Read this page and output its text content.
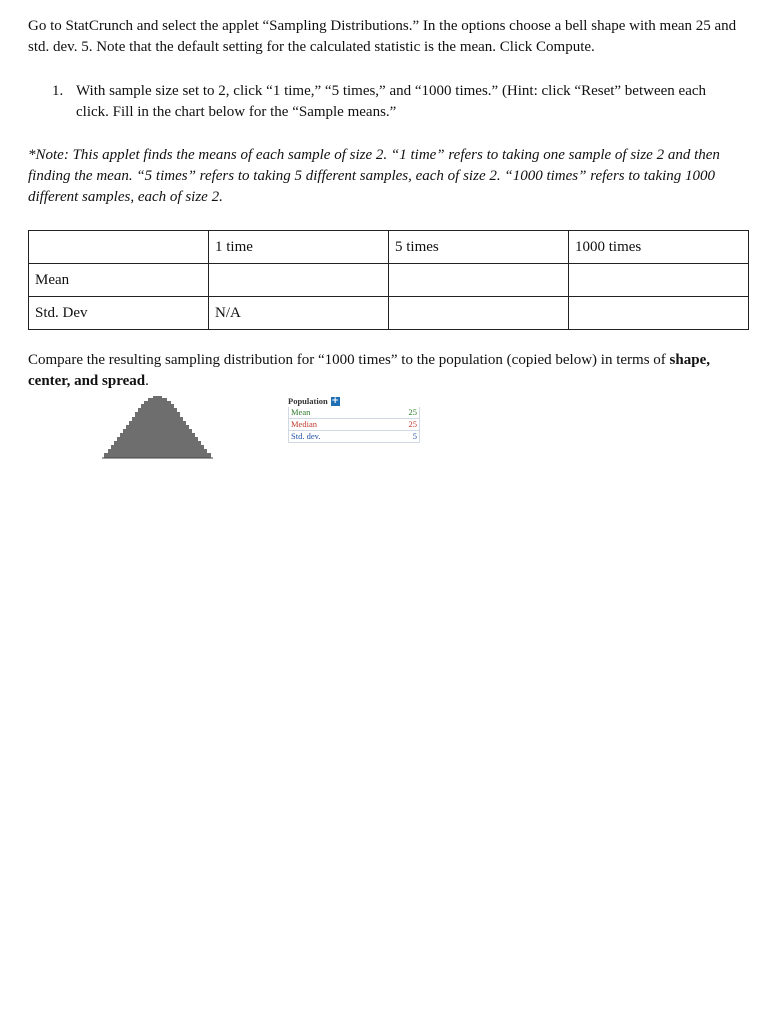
Go to StatCrunch and select the applet “Sampling Distributions.” In the options choose a bell shape with mean 25 and std. dev. 5. Note that the default setting for the calculated statistic is the mean. Click Compute.

1. With sample size set to 2, click “1 time,” “5 times,” and “1000 times.” (Hint: click “Reset” between each click. Fill in the chart below for the “Sample means.”

*Note: This applet finds the means of each sample of size 2. “1 time” refers to taking one sample of size 2 and then finding the mean. “5 times” refers to taking 5 different samples, each of size 2. “1000 times” refers to taking 1000 different samples, each of size 2.

	1 time	5 times	1000 times
Mean			
Std. Dev	N/A		

Compare the resulting sampling distribution for “1000 times” to the population (copied below) in terms of shape, center, and spread.

Population +
Mean	25
Median	25
Std. dev.	5
